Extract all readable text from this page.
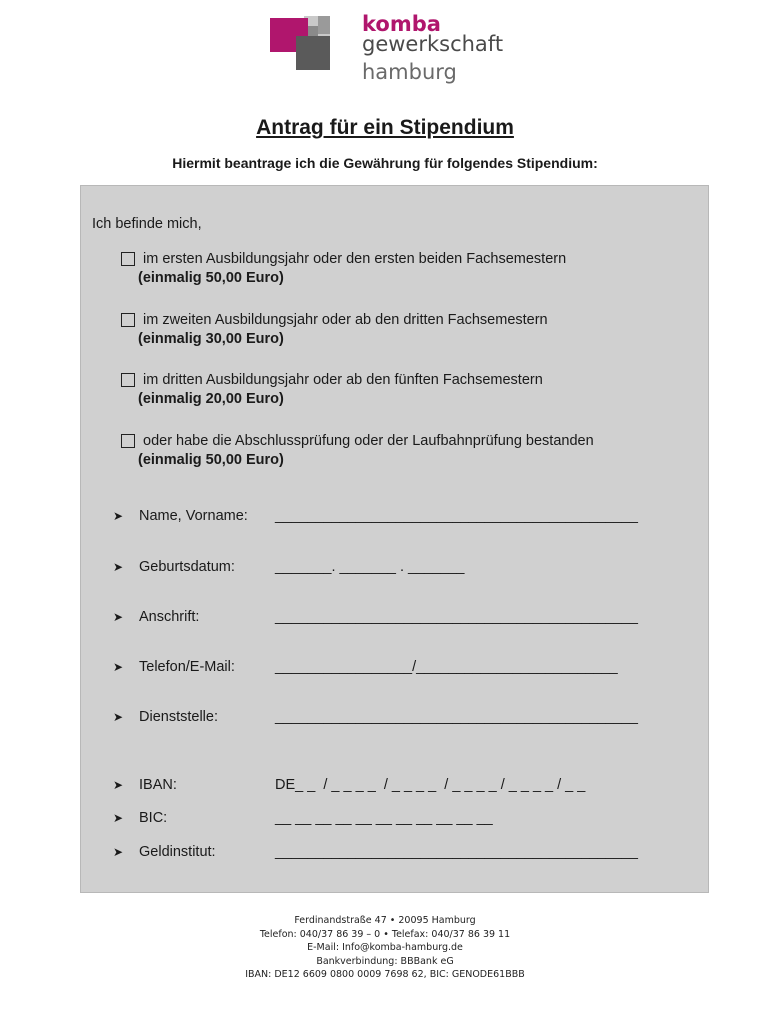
komba
gewerkschaft
hamburg
Antrag für ein Stipendium
Hiermit beantrage ich die Gewährung für folgendes Stipendium:
Ich befinde mich,
im ersten Ausbildungsjahr oder den ersten beiden Fachsemestern
(einmalig 50,00 Euro)
im zweiten Ausbildungsjahr oder ab den dritten Fachsemestern
(einmalig 30,00 Euro)
im dritten Ausbildungsjahr oder ab den fünften Fachsemestern
(einmalig 20,00 Euro)
oder habe die Abschlussprüfung oder der Laufbahnprüfung bestanden
(einmalig 50,00 Euro)
➤	Name, Vorname:	_____________________________________________
➤	Geburtsdatum:	_______. _______ . _______
➤	Anschrift:	_____________________________________________
➤	Telefon/E-Mail:	_________________/_________________________
➤	Dienststelle:	_____________________________________________
➤	IBAN:	DE_ _  / _ _ _ _  / _ _ _ _  / _ _ _ _ / _ _ _ _ / _ _
➤	BIC:	__ __ __ __ __ __ __ __ __ __ __
➤	Geldinstitut:	_____________________________________________
Ferdinandstraße 47 • 20095 Hamburg
Telefon: 040/37 86 39 – 0 • Telefax: 040/37 86 39 11
E-Mail: Info@komba-hamburg.de
Bankverbindung: BBBank eG
IBAN: DE12 6609 0800 0009 7698 62, BIC: GENODE61BBB
